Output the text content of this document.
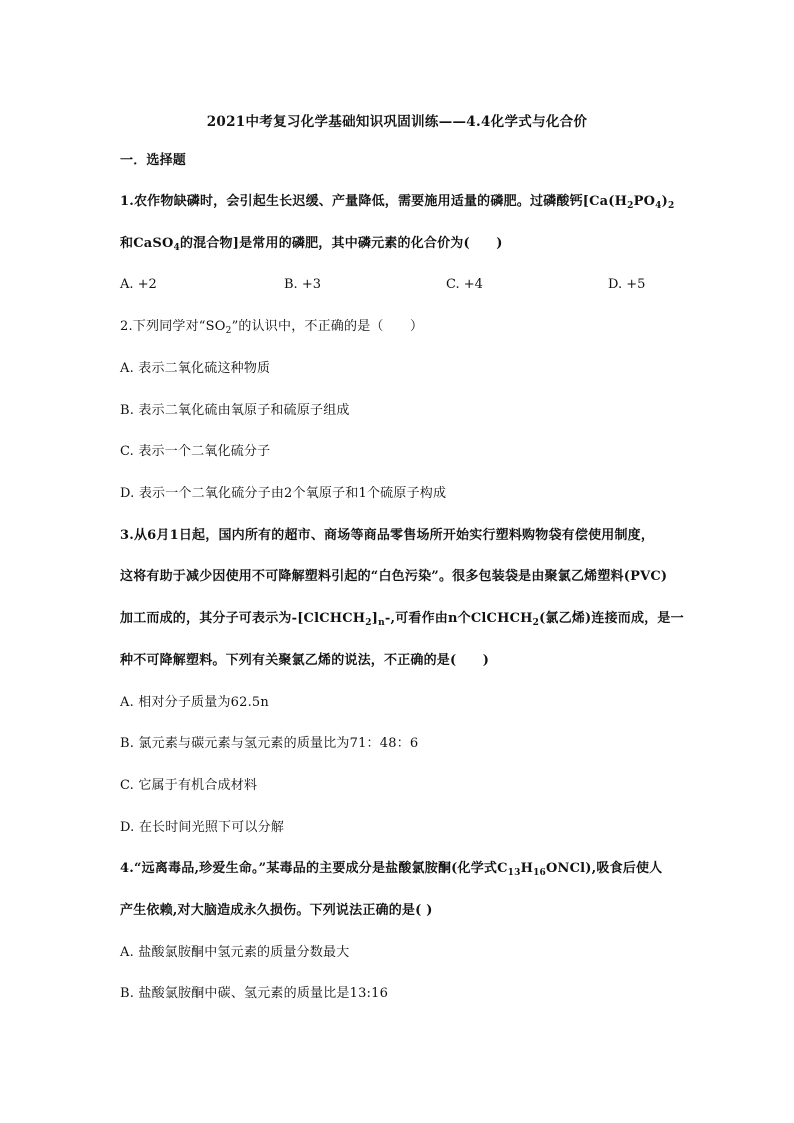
2021中考复习化学基础知识巩固训练——4.4化学式与化合价
一．选择题
1.农作物缺磷时，会引起生长迟缓、产量降低，需要施用适量的磷肥。过磷酸钙[$Ca(H_2PO_4)_2$
和CaSO$_4$的混合物]是常用的磷肥，其中磷元素的化合价为(　　)
A. +2	B. +3	C. +4	D. +5
2.下列同学对“$SO_2$”的认识中，不正确的是（　　）
A. 表示二氧化硫这种物质
B. 表示二氧化硫由氧原子和硫原子组成
C. 表示一个二氧化硫分子
D. 表示一个二氧化硫分子由2个氧原子和1个硫原子构成
3.从6月1日起，国内所有的超市、商场等商品零售场所开始实行塑料购物袋有偿使用制度，
这将有助于减少因使用不可降解塑料引起的“白色污染”。很多包装袋是由聚氯乙烯塑料(PVC)
加工而成的，其分子可表示为$-[ClCHCH_2]_n-$,可看作由n个ClCHCH$_2$(氯乙烯)连接而成，是一
种不可降解塑料。下列有关聚氯乙烯的说法，不正确的是(　　)
A. 相对分子质量为62.5n
B. 氯元素与碳元素与氢元素的质量比为71：48：6
C. 它属于有机合成材料
D. 在长时间光照下可以分解
4.“远离毒品,珍爱生命。”某毒品的主要成分是盐酸氯胺酮(化学式$C_{13}H_{16}ONCl$),吸食后使人
产生依赖,对大脑造成永久损伤。下列说法正确的是( )
A. 盐酸氯胺酮中氢元素的质量分数最大
B. 盐酸氯胺酮中碳、氢元素的质量比是13:16
